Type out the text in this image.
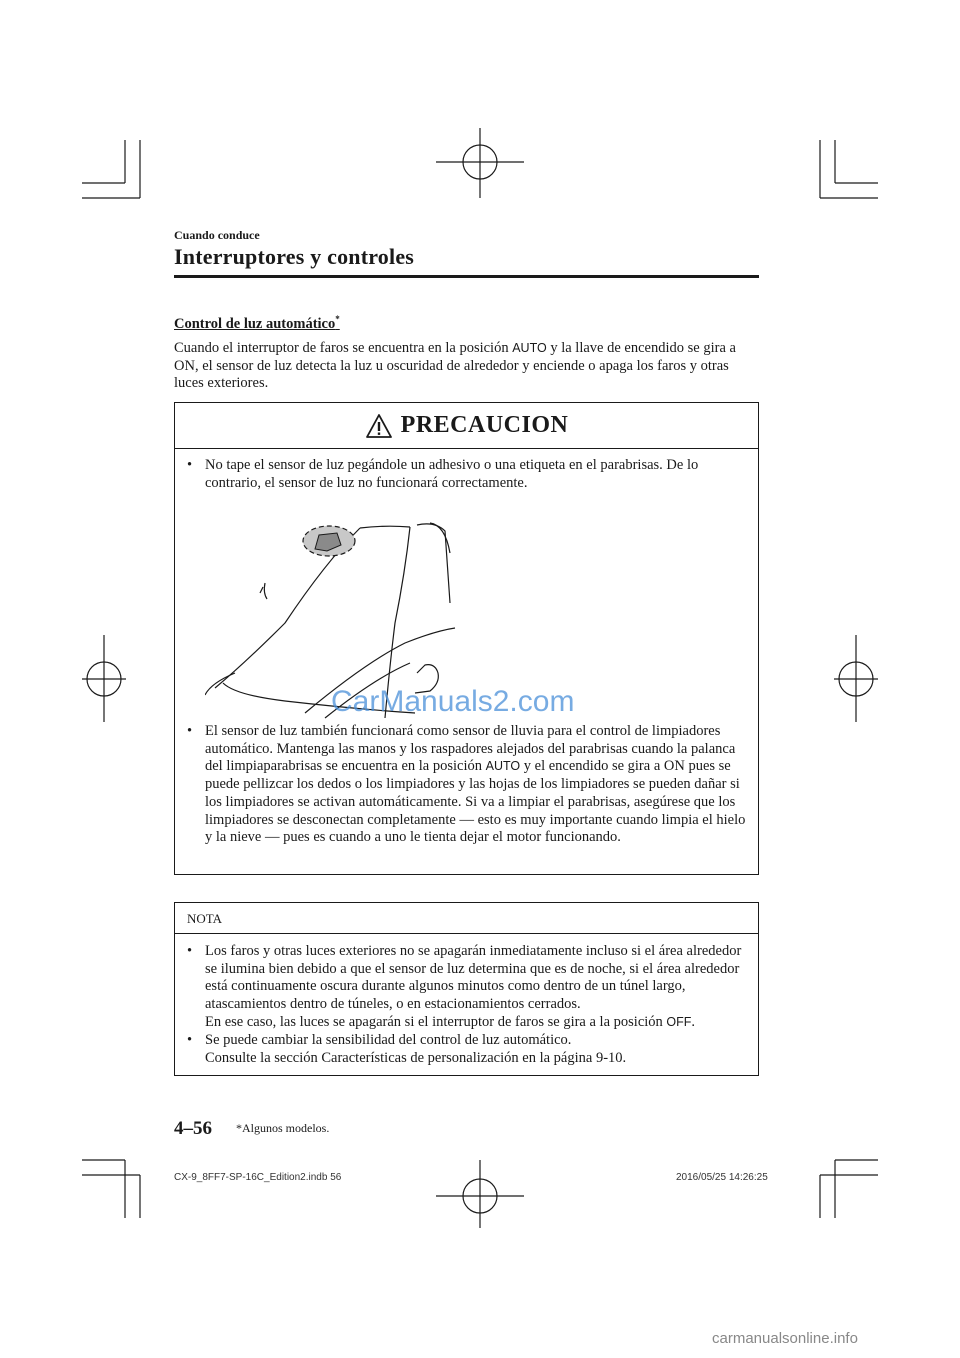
Cuando conduce
Interruptores y controles
Control de luz automático*
Cuando el interruptor de faros se encuentra en la posición AUTO y la llave de encendido se gira a ON, el sensor de luz detecta la luz u oscuridad de alrededor y enciende o apaga los faros y otras luces exteriores.
PRECAUCION
• No tape el sensor de luz pegándole un adhesivo o una etiqueta en el parabrisas. De lo contrario, el sensor de luz no funcionará correctamente.
CarManuals2.com
• El sensor de luz también funcionará como sensor de lluvia para el control de limpiadores automático. Mantenga las manos y los raspadores alejados del parabrisas cuando la palanca del limpiaparabrisas se encuentra en la posición AUTO y el encendido se gira a ON pues se puede pellizcar los dedos o los limpiadores y las hojas de los limpiadores se pueden dañar si los limpiadores se activan automáticamente. Si va a limpiar el parabrisas, asegúrese que los limpiadores se desconectan completamente — esto es muy importante cuando limpia el hielo y la nieve — pues es cuando a uno le tienta dejar el motor funcionando.
NOTA
• Los faros y otras luces exteriores no se apagarán inmediatamente incluso si el área alrededor se ilumina bien debido a que el sensor de luz determina que es de noche, si el área alrededor está continuamente oscura durante algunos minutos como dentro de un túnel largo, atascamientos dentro de túneles, o en estacionamientos cerrados.
En ese caso, las luces se apagarán si el interruptor de faros se gira a la posición OFF.
• Se puede cambiar la sensibilidad del control de luz automático.
Consulte la sección Características de personalización en la página 9-10.
4–56 *Algunos modelos.
CX-9_8FF7-SP-16C_Edition2.indb 56	2016/05/25 14:26:25
carmanualsonline.info
